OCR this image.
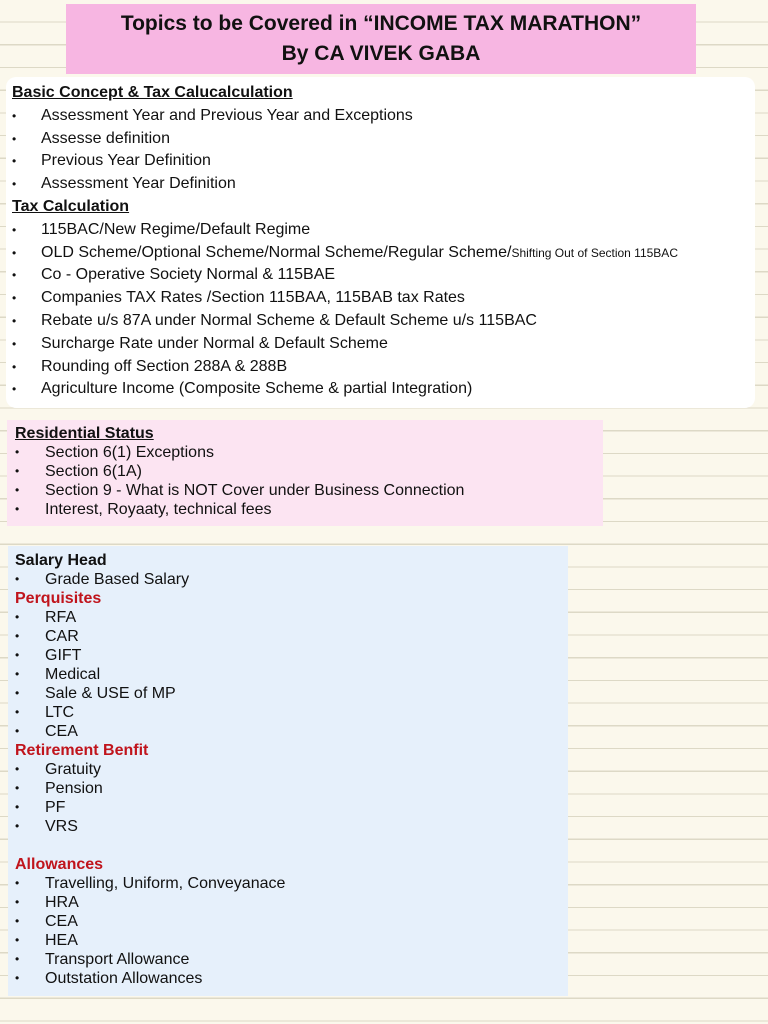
Topics to be Covered in “INCOME TAX MARATHON”
By CA VIVEK GABA
Basic Concept & Tax Calucalculation
• Assessment Year and Previous Year and Exceptions
• Assesse definition
• Previous Year Definition
• Assessment Year Definition
Tax Calculation
• 115BAC/New Regime/Default Regime
• OLD Scheme/Optional Scheme/Normal Scheme/Regular Scheme/Shifting Out of Section 115BAC
• Co - Operative Society Normal & 115BAE
• Companies TAX Rates /Section 115BAA, 115BAB tax Rates
• Rebate u/s 87A under Normal Scheme & Default Scheme u/s 115BAC
• Surcharge Rate under Normal & Default Scheme
• Rounding off Section 288A & 288B
• Agriculture Income (Composite Scheme & partial Integration)
Residential Status
• Section 6(1) Exceptions
• Section 6(1A)
• Section 9 - What is NOT Cover under Business Connection
• Interest, Royaaty, technical fees
Salary Head
• Grade Based Salary
Perquisites
• RFA
• CAR
• GIFT
• Medical
• Sale & USE of MP
• LTC
• CEA
Retirement Benfit
• Gratuity
• Pension
• PF
• VRS
Allowances
• Travelling, Uniform, Conveyanace
• HRA
• CEA
• HEA
• Transport Allowance
• Outstation Allowances
